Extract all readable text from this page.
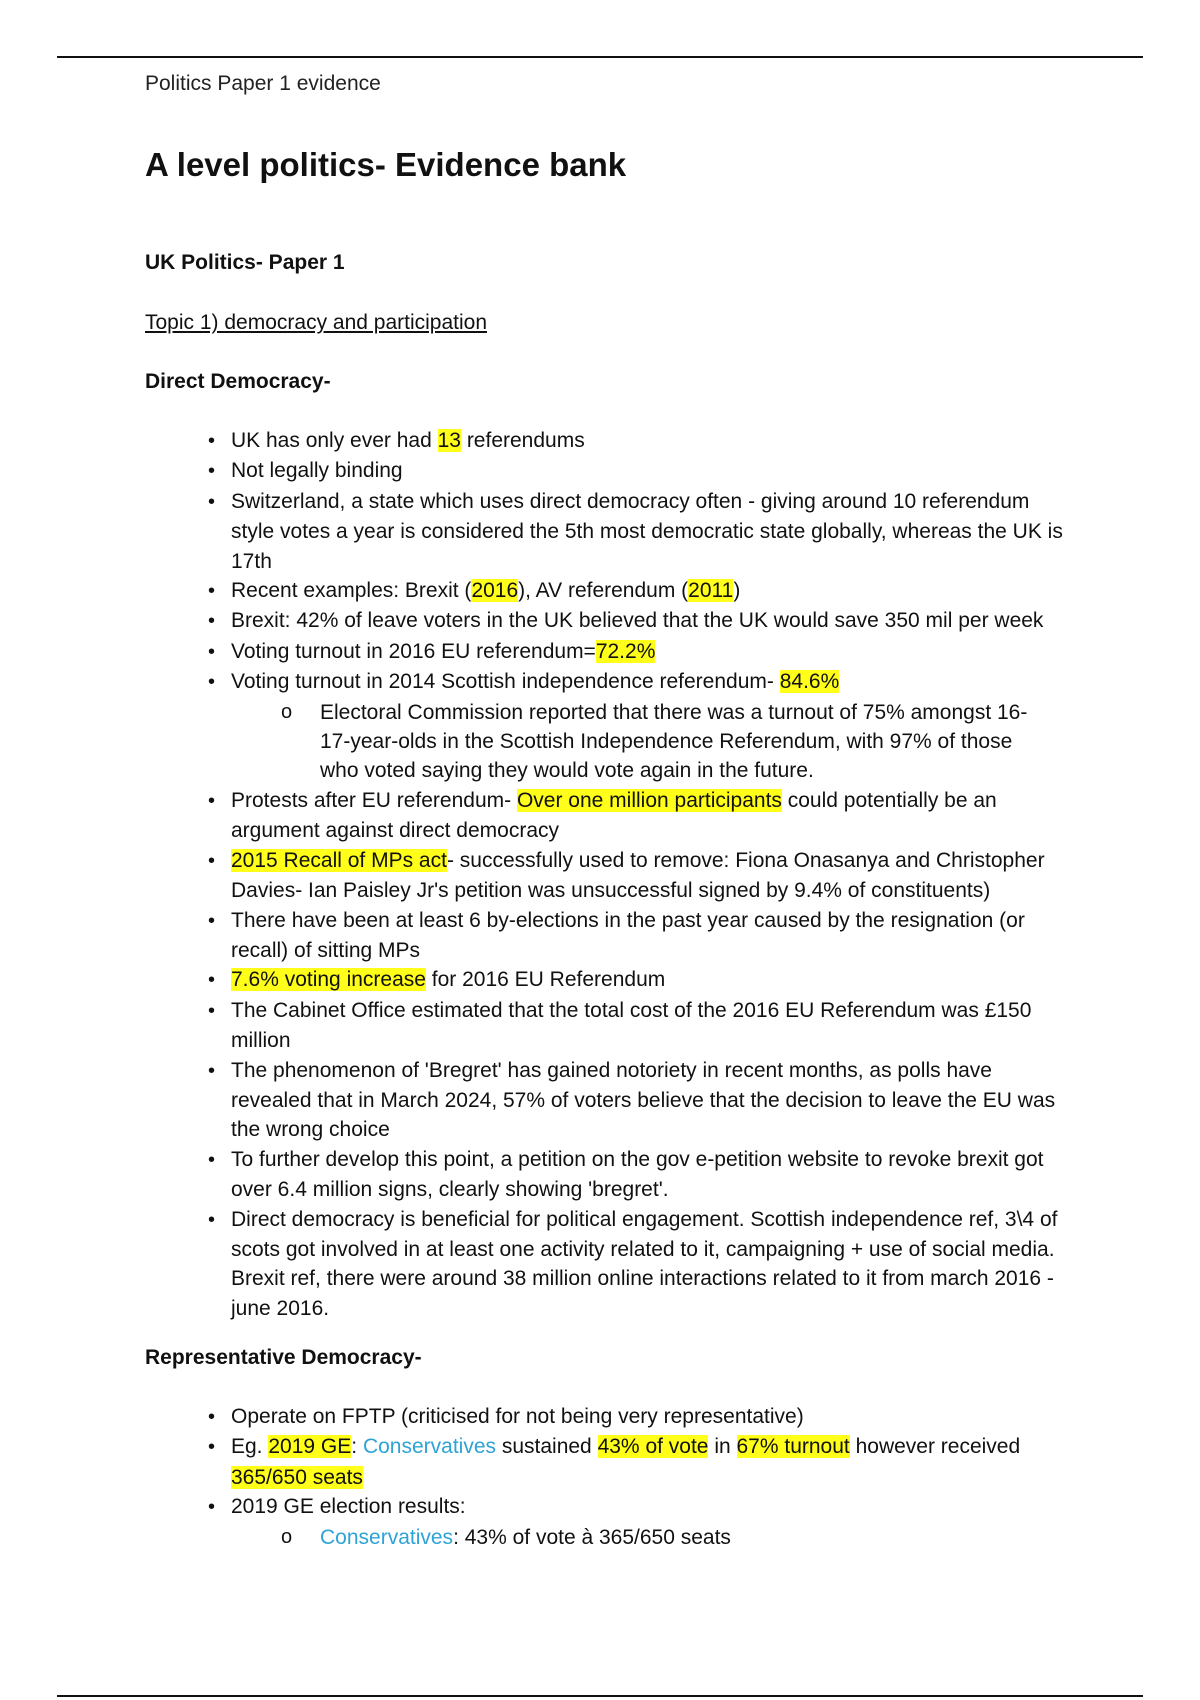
Politics Paper 1 evidence
A level politics- Evidence bank
UK Politics- Paper 1
Topic 1) democracy and participation
Direct Democracy-
•UK has only ever had 13 referendums
•Not legally binding
•Switzerland, a state which uses direct democracy often - giving around 10 referendum style votes a year is considered the 5th most democratic state globally, whereas the UK is 17th
•Recent examples: Brexit (2016), AV referendum (2011)
•Brexit: 42% of leave voters in the UK believed that the UK would save 350 mil per week
•Voting turnout in 2016 EU referendum=72.2%
•Voting turnout in 2014 Scottish independence referendum- 84.6%
o Electoral Commission reported that there was a turnout of 75% amongst 16-17-year-olds in the Scottish Independence Referendum, with 97% of those who voted saying they would vote again in the future.
•Protests after EU referendum- Over one million participants could potentially be an argument against direct democracy
•2015 Recall of MPs act- successfully used to remove: Fiona Onasanya and Christopher Davies- Ian Paisley Jr's petition was unsuccessful signed by 9.4% of constituents)
•There have been at least 6 by-elections in the past year caused by the resignation (or recall) of sitting MPs
•7.6% voting increase for 2016 EU Referendum
•The Cabinet Office estimated that the total cost of the 2016 EU Referendum was £150 million
•The phenomenon of 'Bregret' has gained notoriety in recent months, as polls have revealed that in March 2024, 57% of voters believe that the decision to leave the EU was the wrong choice
•To further develop this point, a petition on the gov e-petition website to revoke brexit got over 6.4 million signs, clearly showing 'bregret'.
•Direct democracy is beneficial for political engagement. Scottish independence ref, 3\4 of scots got involved in at least one activity related to it, campaigning + use of social media. Brexit ref, there were around 38 million online interactions related to it from march 2016 - june 2016.
Representative Democracy-
•Operate on FPTP (criticised for not being very representative)
•Eg. 2019 GE: Conservatives sustained 43% of vote in 67% turnout however received 365/650 seats
•2019 GE election results:
o Conservatives: 43% of vote à 365/650 seats
